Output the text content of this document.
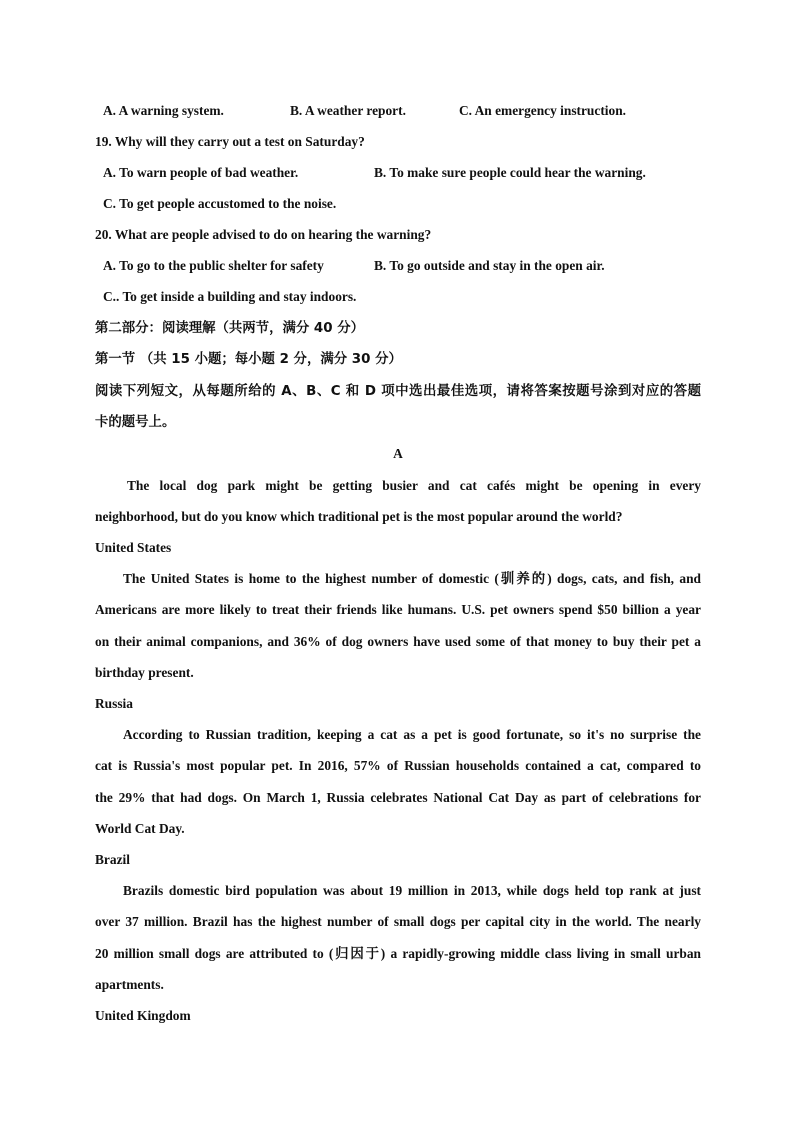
A. A warning system.	B. A weather report.	C. An emergency instruction.
19. Why will they carry out a test on Saturday?
A. To warn people of bad weather.	B. To make sure people could hear the warning.
C. To get people accustomed to the noise.
20. What are people advised to do on hearing the warning?
A. To go to the public shelter for safety	B. To go outside and stay in the open air.
C.. To get inside a building and stay indoors.
第二部分：阅读理解（共两节，满分 40 分）
第一节 （共 15 小题；每小题 2 分，满分 30 分）
阅读下列短文，从每题所给的 A、B、C 和 D 项中选出最佳选项，请将答案按题号涂到对应的答题
卡的题号上。
A
The local dog park might be getting busier and cat cafés might be opening in every
neighborhood, but do you know which traditional pet is the most popular around the world?
United States
The United States is home to the highest number of domestic (驯养的) dogs, cats, and fish, and
Americans are more likely to treat their friends like humans. U.S. pet owners spend $50 billion a year
on their animal companions, and 36% of dog owners have used some of that money to buy their pet a
birthday present.
Russia
According to Russian tradition, keeping a cat as a pet is good fortunate, so it's no surprise the
cat is Russia's most popular pet. In 2016, 57% of Russian households contained a cat, compared to
the 29% that had dogs. On March 1, Russia celebrates National Cat Day as part of celebrations for
World Cat Day.
Brazil
Brazils domestic bird population was about 19 million in 2013, while dogs held top rank at just
over 37 million. Brazil has the highest number of small dogs per capital city in the world. The nearly
20 million small dogs are attributed to (归因于) a rapidly-growing middle class living in small urban
apartments.
United Kingdom
